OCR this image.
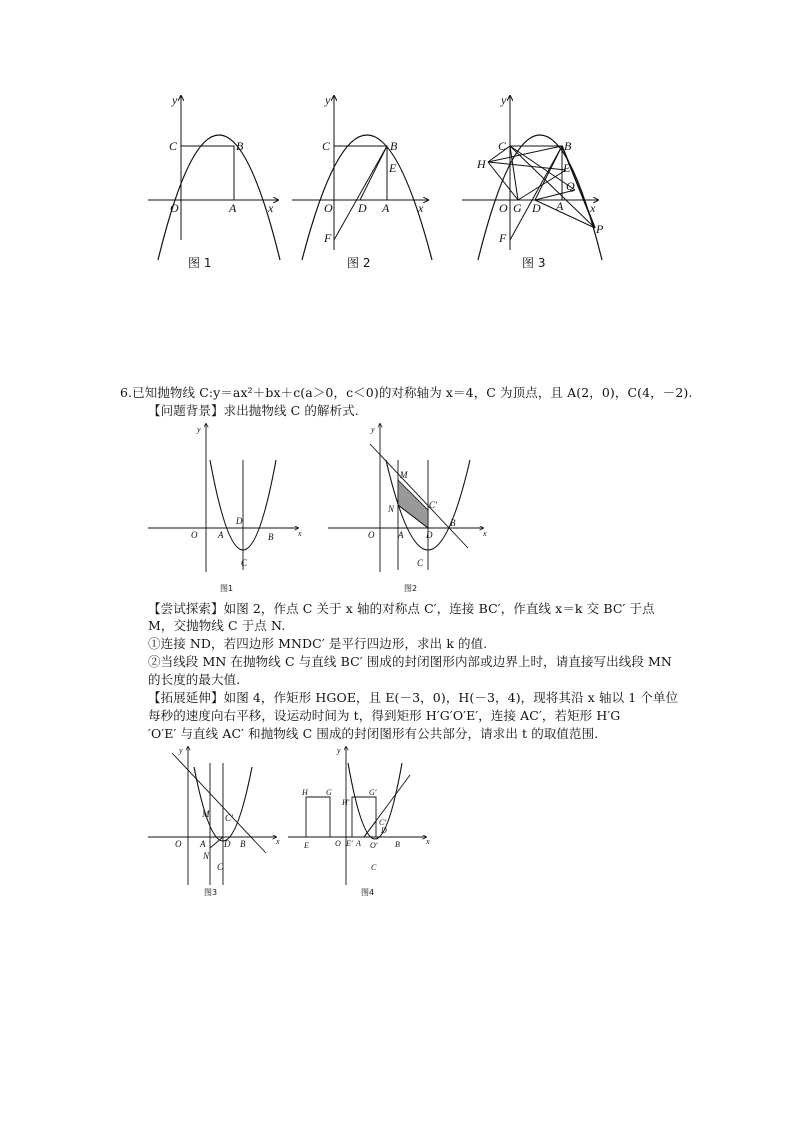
y
x
C	B
O	A
图 1
y
x
C	B
E
O D A
F
图 2
y
x
C	B
E
H
Q
O G D A
F
P
图 3
6.已知抛物线 C:y＝ax²＋bx＋c(a＞0，c＜0)的对称轴为 x＝4，C 为顶点，且 A(2，0)，C(4，－2).
【问题背景】求出抛物线 C 的解析式.
y
x
O A
D
B
C
图1
y
x
M
N	C′
O	A	D
B
C
图2
【尝试探索】如图 2，作点 C 关于 x 轴的对称点 C′，连接 BC′，作直线 x＝k 交 BC′ 于点
M，交抛物线 C 于点 N.
①连接 ND，若四边形 MNDC′ 是平行四边形，求出 k 的值.
②当线段 MN 在抛物线 C 与直线 BC′ 围成的封闭图形内部或边界上时，请直接写出线段 MN
的长度的最大值.
【拓展延伸】如图 4，作矩形 HGOE，且 E(－3，0)，H(－3，4)，现将其沿 x 轴以 1 个单位
每秒的速度向右平移，设运动时间为 t，得到矩形 H′G′O′E′，连接 AC′，若矩形 H′G
′O′E′ 与直线 AC′ 和抛物线 C 围成的封闭图形有公共部分，请求出 t 的取值范围.
y
x
M C′
O A D B
N
C
图3
y
x
H G
H′
G′
C′
E	O E′ A O′
D
B
C
图4
